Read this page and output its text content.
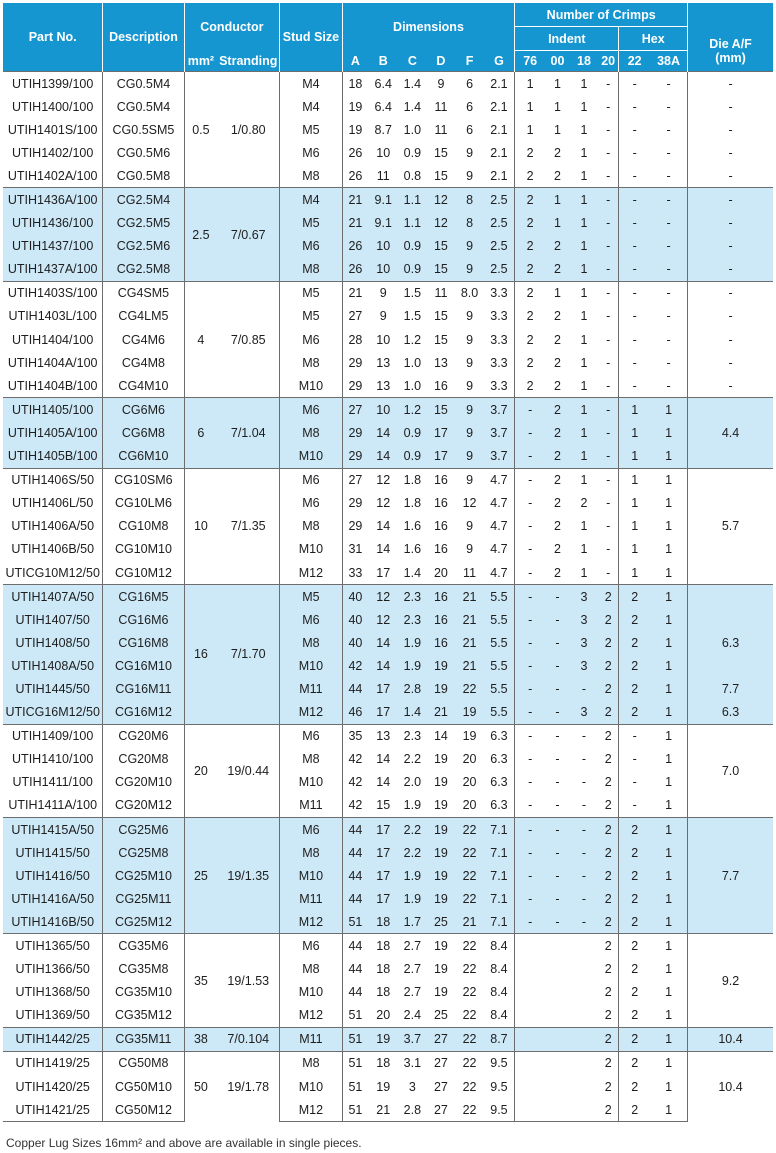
Part No.	Description	Conductor		Stud Size	Dimensions						Number of Crimps						Die A/F
											Indent				Hex		
		mm²	Stranding		A	B	C	D	F	G	76	00	18	20	22	38A	(mm)
UTIH1399/100	CG0.5M4	0.5	1/0.80	M4	18	6.4	1.4	9	6	2.1	1	1	1	-	-	-	-
UTIH1400/100	CG0.5M4			M4	19	6.4	1.4	11	6	2.1	1	1	1	-	-	-	-
UTIH1401S/100	CG0.5SM5			M5	19	8.7	1.0	11	6	2.1	1	1	1	-	-	-	-
UTIH1402/100	CG0.5M6			M6	26	10	0.9	15	9	2.1	2	2	1	-	-	-	-
UTIH1402A/100	CG0.5M8			M8	26	11	0.8	15	9	2.1	2	2	1	-	-	-	-
UTIH1436A/100	CG2.5M4	2.5	7/0.67	M4	21	9.1	1.1	12	8	2.5	2	1	1	-	-	-	-
UTIH1436/100	CG2.5M5			M5	21	9.1	1.1	12	8	2.5	2	1	1	-	-	-	-
UTIH1437/100	CG2.5M6			M6	26	10	0.9	15	9	2.5	2	2	1	-	-	-	-
UTIH1437A/100	CG2.5M8			M8	26	10	0.9	15	9	2.5	2	2	1	-	-	-	-
UTIH1403S/100	CG4SM5	4	7/0.85	M5	21	9	1.5	11	8.0	3.3	2	1	1	-	-	-	-
UTIH1403L/100	CG4LM5			M5	27	9	1.5	15	9	3.3	2	2	1	-	-	-	-
UTIH1404/100	CG4M6			M6	28	10	1.2	15	9	3.3	2	2	1	-	-	-	-
UTIH1404A/100	CG4M8			M8	29	13	1.0	13	9	3.3	2	2	1	-	-	-	-
UTIH1404B/100	CG4M10			M10	29	13	1.0	16	9	3.3	2	2	1	-	-	-	-
UTIH1405/100	CG6M6	6	7/1.04	M6	27	10	1.2	15	9	3.7	-	2	1	-	1	1	4.4
UTIH1405A/100	CG6M8			M8	29	14	0.9	17	9	3.7	-	2	1	-	1	1	
UTIH1405B/100	CG6M10			M10	29	14	0.9	17	9	3.7	-	2	1	-	1	1	
UTIH1406S/50	CG10SM6	10	7/1.35	M6	27	12	1.8	16	9	4.7	-	2	1	-	1	1	5.7
UTIH1406L/50	CG10LM6			M6	29	12	1.8	16	12	4.7	-	2	2	-	1	1	
UTIH1406A/50	CG10M8			M8	29	14	1.6	16	9	4.7	-	2	1	-	1	1	
UTIH1406B/50	CG10M10			M10	31	14	1.6	16	9	4.7	-	2	1	-	1	1	
UTICG10M12/50	CG10M12			M12	33	17	1.4	20	11	4.7	-	2	1	-	1	1	
UTIH1407A/50	CG16M5	16	7/1.70	M5	40	12	2.3	16	21	5.5	-	-	3	2	2	1	
UTIH1407/50	CG16M6			M6	40	12	2.3	16	21	5.5	-	-	3	2	2	1	
UTIH1408/50	CG16M8			M8	40	14	1.9	16	21	5.5	-	-	3	2	2	1	6.3
UTIH1408A/50	CG16M10			M10	42	14	1.9	19	21	5.5	-	-	3	2	2	1	
UTIH1445/50	CG16M11			M11	44	17	2.8	19	22	5.5	-	-	-	2	2	1	7.7
UTICG16M12/50	CG16M12			M12	46	17	1.4	21	19	5.5	-	-	3	2	2	1	6.3
UTIH1409/100	CG20M6	20	19/0.44	M6	35	13	2.3	14	19	6.3	-	-	-	2	-	1	7.0
UTIH1410/100	CG20M8			M8	42	14	2.2	19	20	6.3	-	-	-	2	-	1	
UTIH1411/100	CG20M10			M10	42	14	2.0	19	20	6.3	-	-	-	2	-	1	
UTIH1411A/100	CG20M12			M11	42	15	1.9	19	20	6.3	-	-	-	2	-	1	
UTIH1415A/50	CG25M6	25	19/1.35	M6	44	17	2.2	19	22	7.1	-	-	-	2	2	1	7.7
UTIH1415/50	CG25M8			M8	44	17	2.2	19	22	7.1	-	-	-	2	2	1	
UTIH1416/50	CG25M10			M10	44	17	1.9	19	22	7.1	-	-	-	2	2	1	
UTIH1416A/50	CG25M11			M11	44	17	1.9	19	22	7.1	-	-	-	2	2	1	
UTIH1416B/50	CG25M12			M12	51	18	1.7	25	21	7.1	-	-	-	2	2	1	
UTIH1365/50	CG35M6	35	19/1.53	M6	44	18	2.7	19	22	8.4				2	2	1	9.2
UTIH1366/50	CG35M8			M8	44	18	2.7	19	22	8.4				2	2	1	
UTIH1368/50	CG35M10			M10	44	18	2.7	19	22	8.4				2	2	1	
UTIH1369/50	CG35M12			M12	51	20	2.4	25	22	8.4				2	2	1	
UTIH1442/25	CG35M11	38	7/0.104	M11	51	19	3.7	27	22	8.7				2	2	1	10.4
UTIH1419/25	CG50M8	50	19/1.78	M8	51	18	3.1	27	22	9.5				2	2	1	10.4
UTIH1420/25	CG50M10			M10	51	19	3	27	22	9.5				2	2	1	
UTIH1421/25	CG50M12			M12	51	21	2.8	27	22	9.5				2	2	1	
Copper Lug Sizes 16mm² and above are available in single pieces.
